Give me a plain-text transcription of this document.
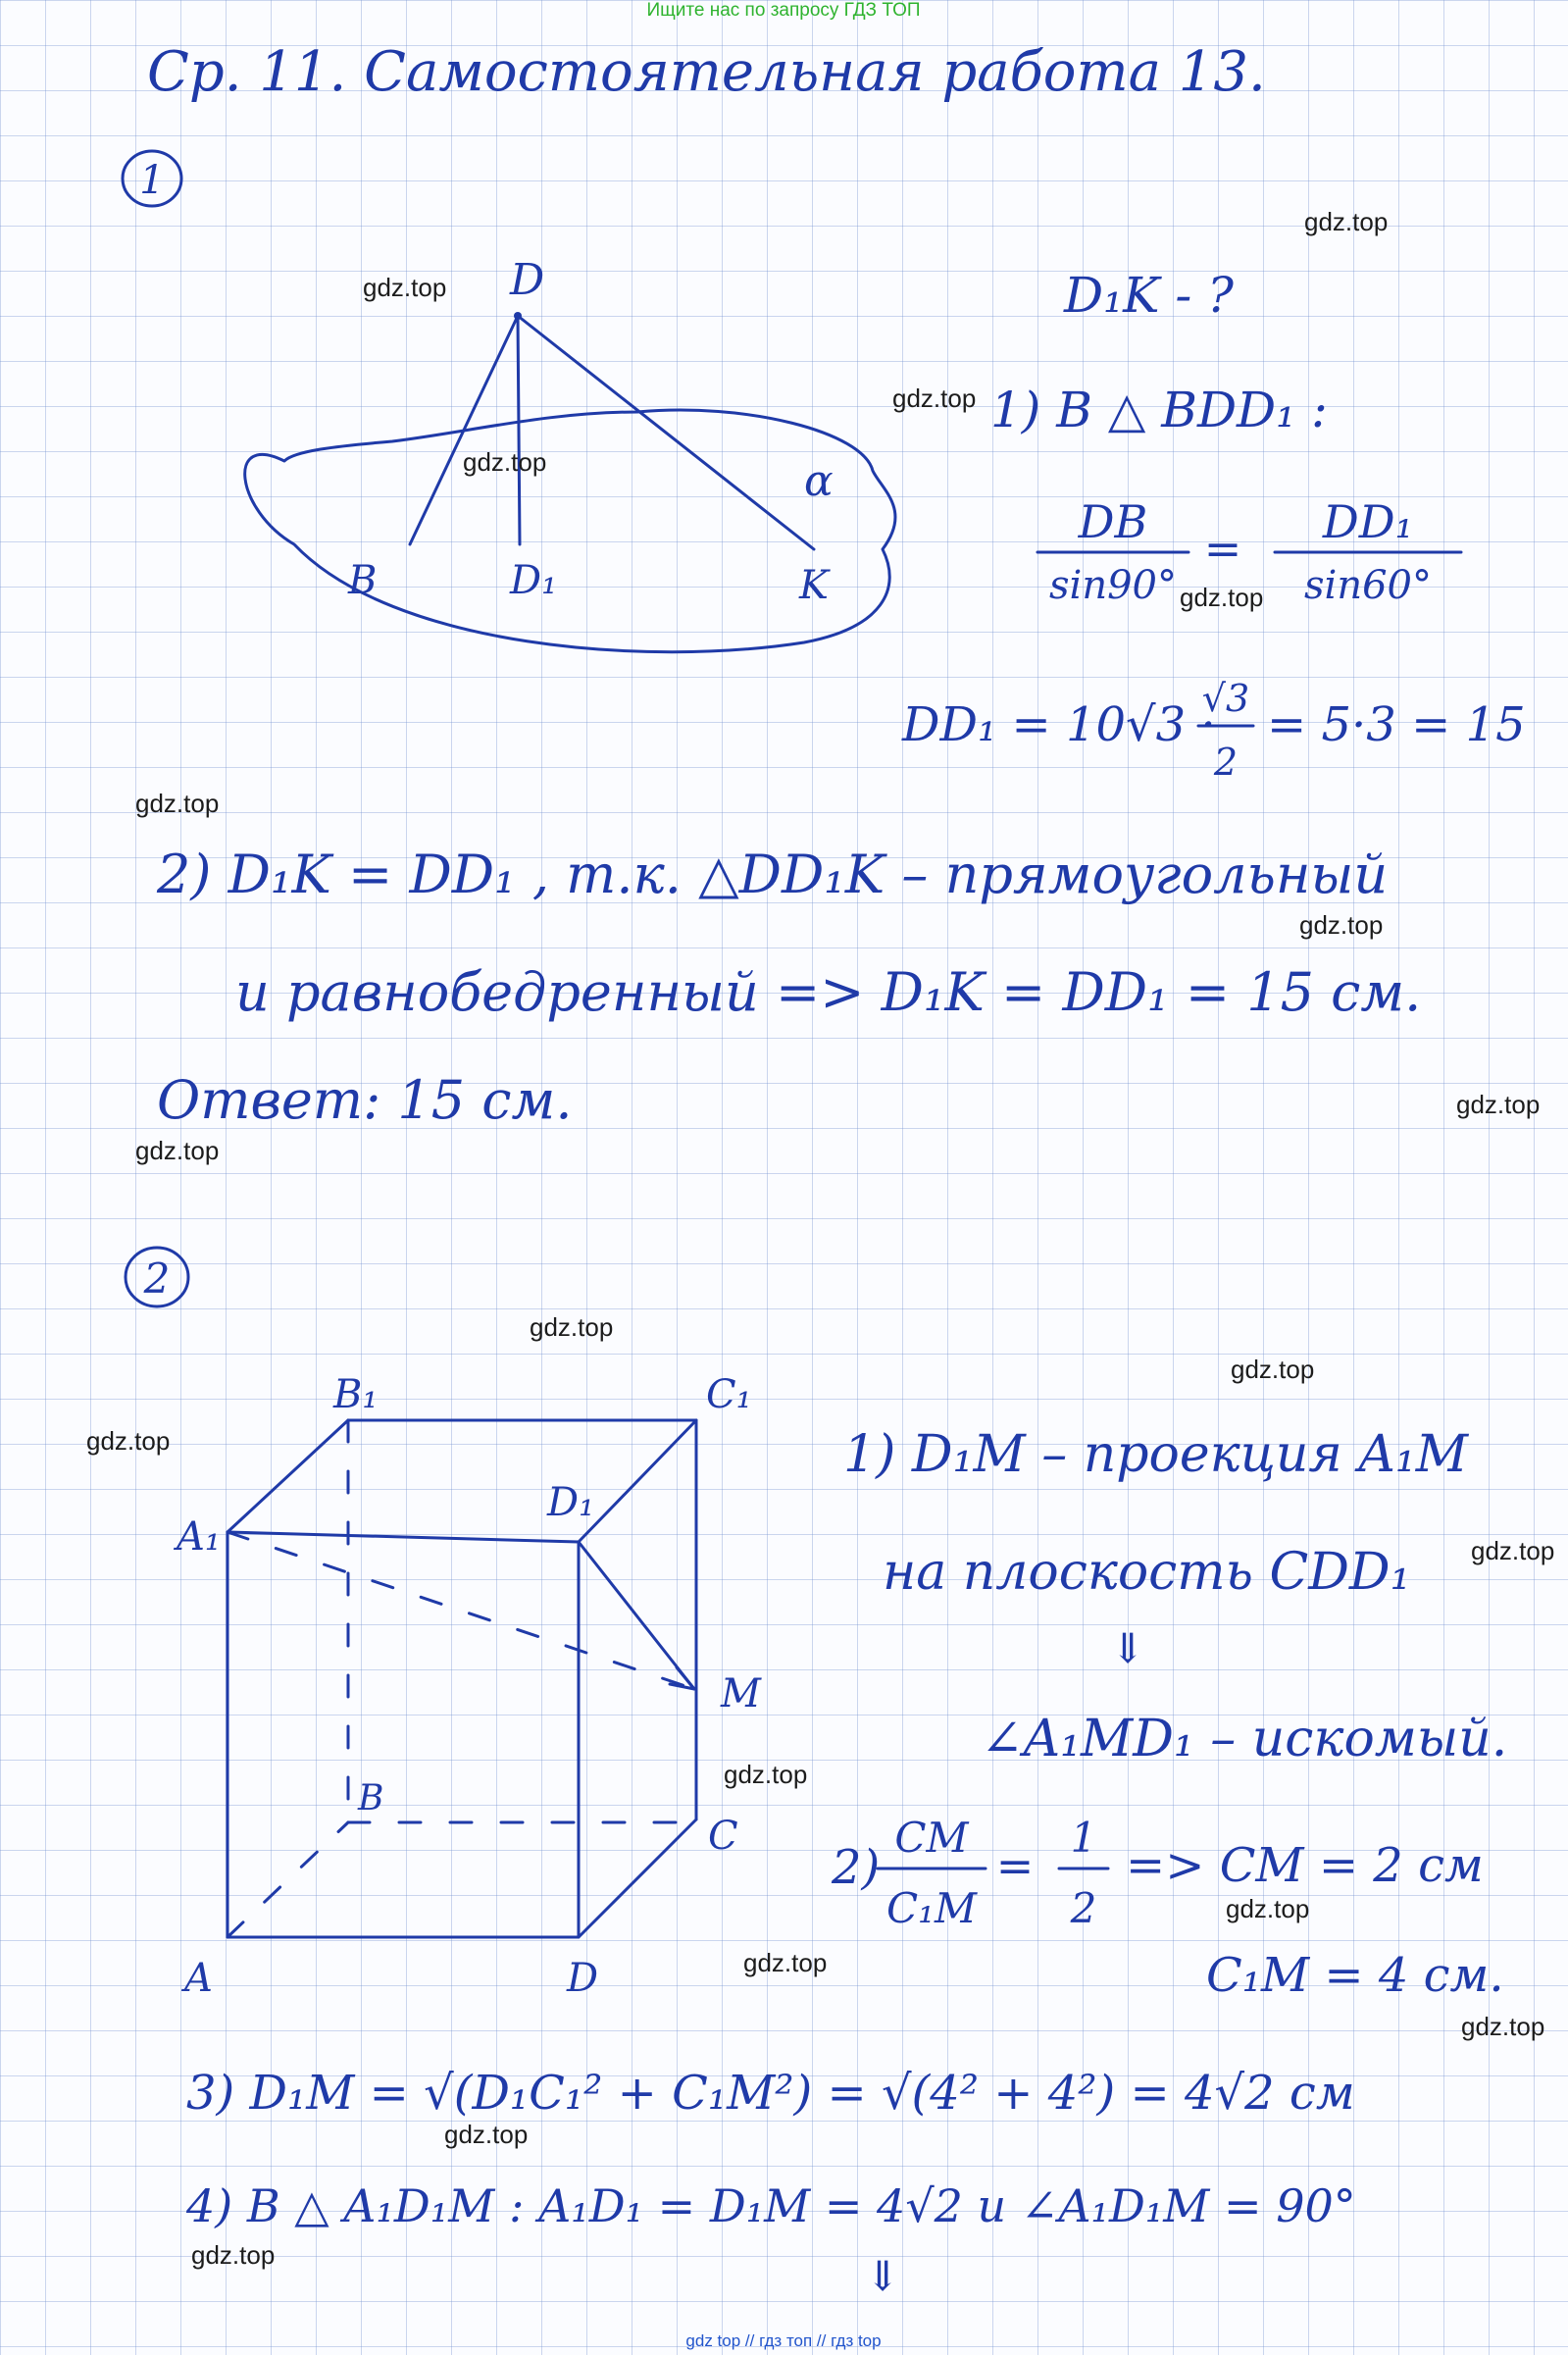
Ищите нас по запросу ГДЗ ТОП
gdz top // гдз топ // гдз top
Ср. 11. Самостоятельная работа 13.
1
D
B	D₁	K
α
D₁K - ?
1) В △ BDD₁ :
DB
sin90°
= DD₁
sin60°
DD₁ = 10√3 ·
√3
2
= 5·3 = 15
2) D₁K = DD₁ , т.к. △DD₁K – прямоугольный
и равнобедренный => D₁K = DD₁ = 15 см.
Ответ: 15 см.
2
A₁
B₁	C₁
D₁
M
B
C
A	D
1) D₁M – проекция A₁M
на плоскость CDD₁
⇓
∠A₁MD₁ – искомый.
2)
CM
C₁M
=
1
2
=> CM = 2 см
C₁M = 4 см.
3) D₁M = √(D₁C₁² + C₁M²) = √(4² + 4²) = 4√2 см
4) В △ A₁D₁M : A₁D₁ = D₁M = 4√2 и ∠A₁D₁M = 90°
⇓
gdz.top
gdz.top
gdz.top
gdz.top
gdz.top
gdz.top
gdz.top
gdz.top
gdz.top
gdz.top
gdz.top
gdz.top
gdz.top
gdz.top
gdz.top
gdz.top
gdz.top
gdz.top
gdz.top
